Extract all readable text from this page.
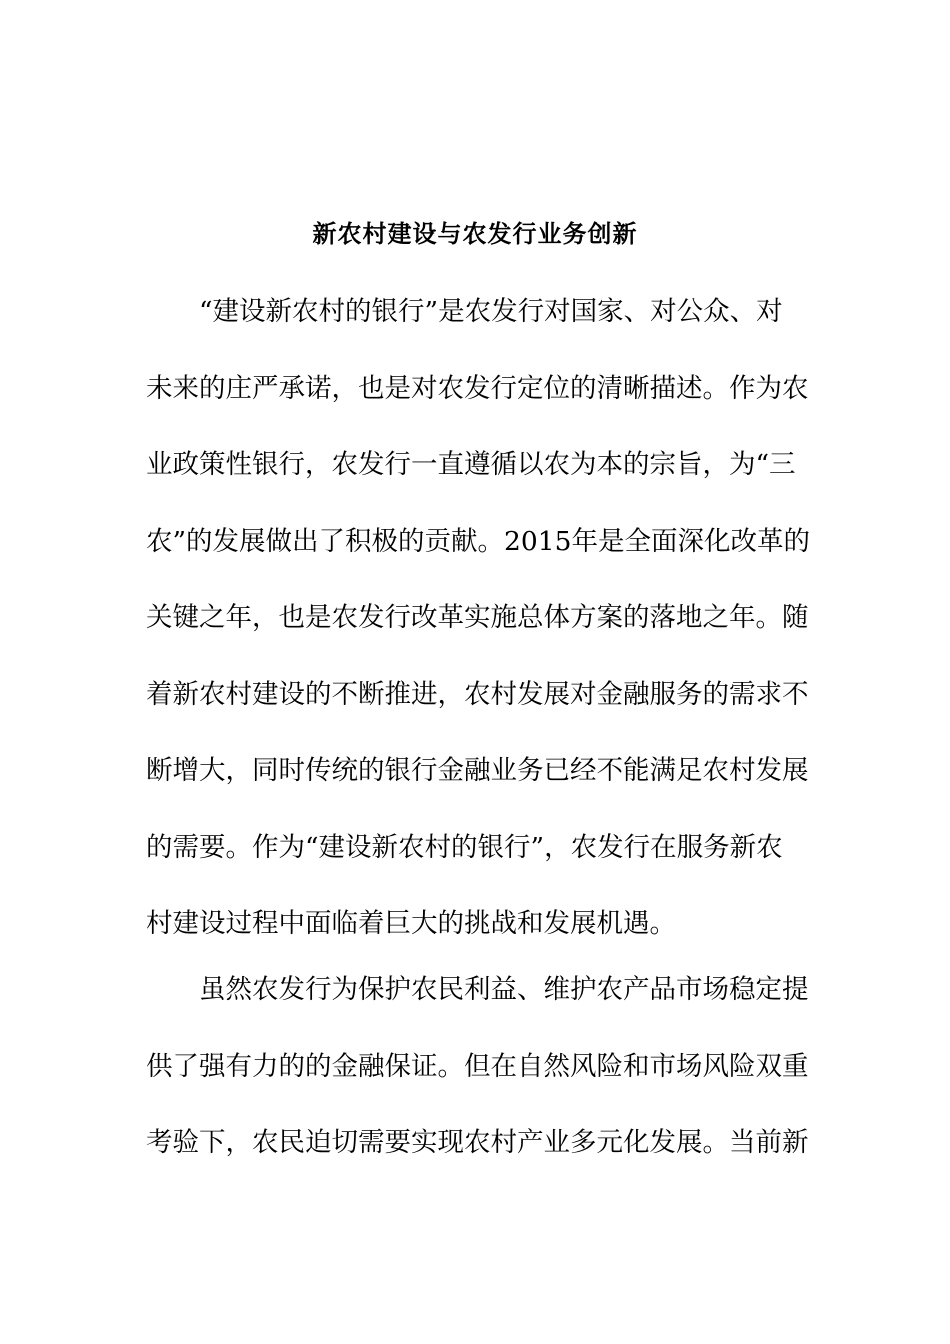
新农村建设与农发行业务创新
“建设新农村的银行”是农发行对国家、对公众、对
未来的庄严承诺，也是对农发行定位的清晰描述。作为农
业政策性银行，农发行一直遵循以农为本的宗旨，为“三
农”的发展做出了积极的贡献。2015年是全面深化改革的
关键之年，也是农发行改革实施总体方案的落地之年。随
着新农村建设的不断推进，农村发展对金融服务的需求不
断增大，同时传统的银行金融业务已经不能满足农村发展
的需要。作为“建设新农村的银行”，农发行在服务新农
村建设过程中面临着巨大的挑战和发展机遇。
虽然农发行为保护农民利益、维护农产品市场稳定提
供了强有力的的金融保证。但在自然风险和市场风险双重
考验下，农民迫切需要实现农村产业多元化发展。当前新
